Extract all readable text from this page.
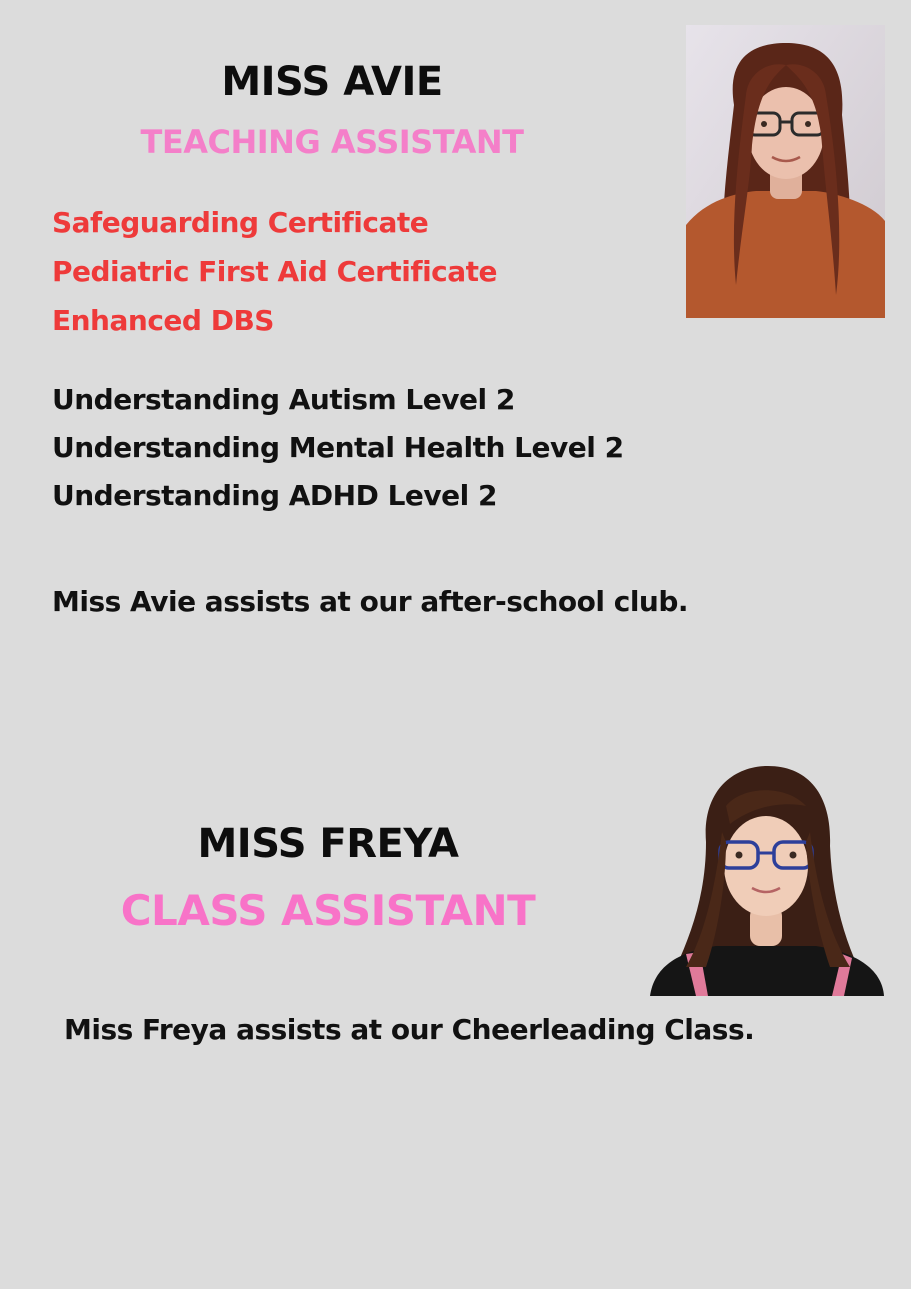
MISS AVIE
TEACHING ASSISTANT
Safeguarding Certificate
Pediatric First Aid Certificate
Enhanced DBS
Understanding Autism Level 2
Understanding Mental Health Level 2
Understanding ADHD Level 2
Miss Avie assists at our after-school club.
MISS FREYA
CLASS ASSISTANT
Miss Freya assists at our Cheerleading Class.
